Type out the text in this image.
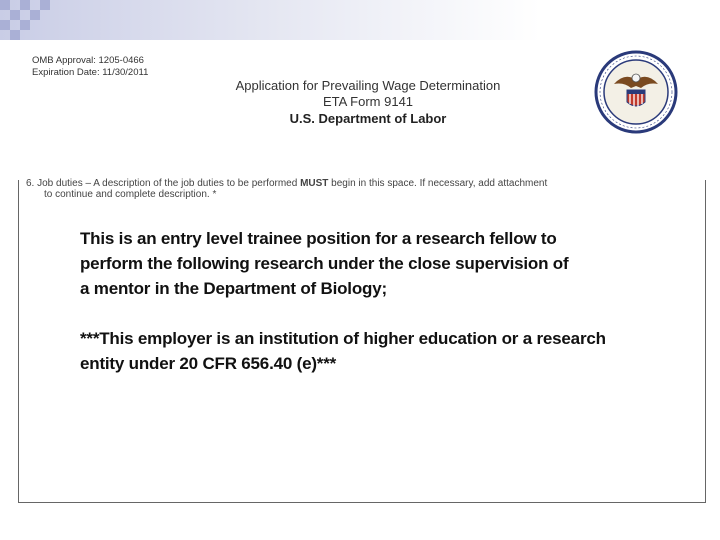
OMB Approval: 1205-0466
Expiration Date: 11/30/2011
Application for Prevailing Wage Determination
ETA Form 9141
U.S. Department of Labor
6. Job duties – A description of the job duties to be performed MUST begin in this space. If necessary, add attachment
to continue and complete description. *
This is an entry level trainee position for a research fellow to
perform the following research under the close supervision of
a mentor in the Department of Biology;
***This employer is an institution of higher education or a research
entity under 20 CFR 656.40 (e)***
